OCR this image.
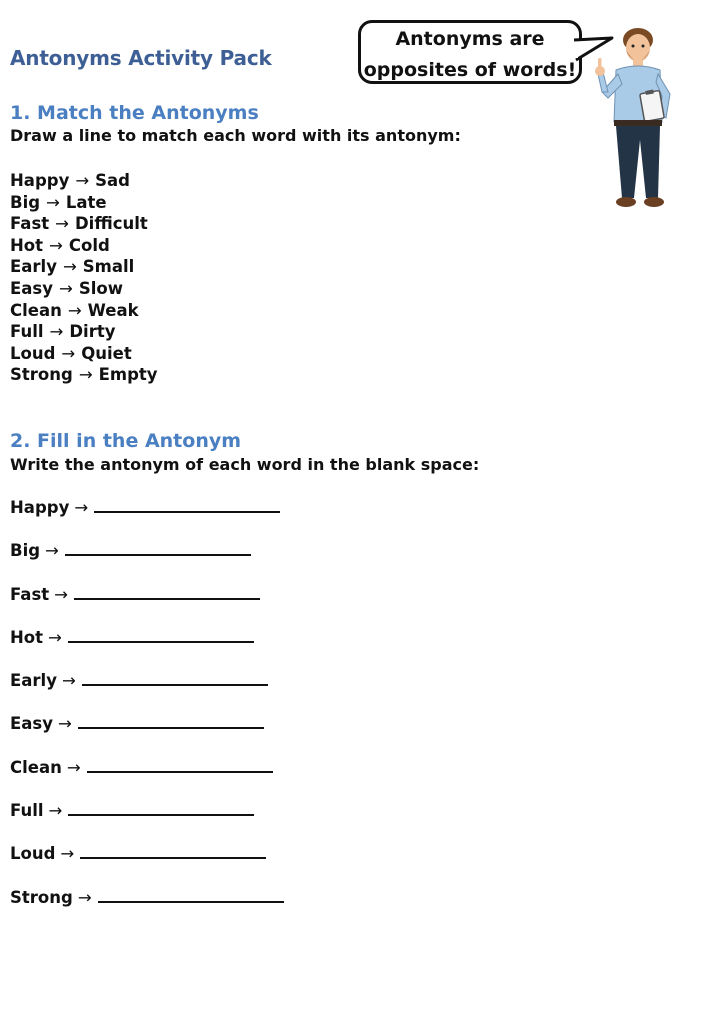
Antonyms Activity Pack
Antonyms are
opposites of words!
1. Match the Antonyms
Draw a line to match each word with its antonym:
Happy → Sad
Big → Late
Fast → Difficult
Hot → Cold
Early → Small
Easy → Slow
Clean → Weak
Full → Dirty
Loud → Quiet
Strong → Empty
2. Fill in the Antonym
Write the antonym of each word in the blank space:
Happy →
Big →
Fast →
Hot →
Early →
Easy →
Clean →
Full →
Loud →
Strong →
